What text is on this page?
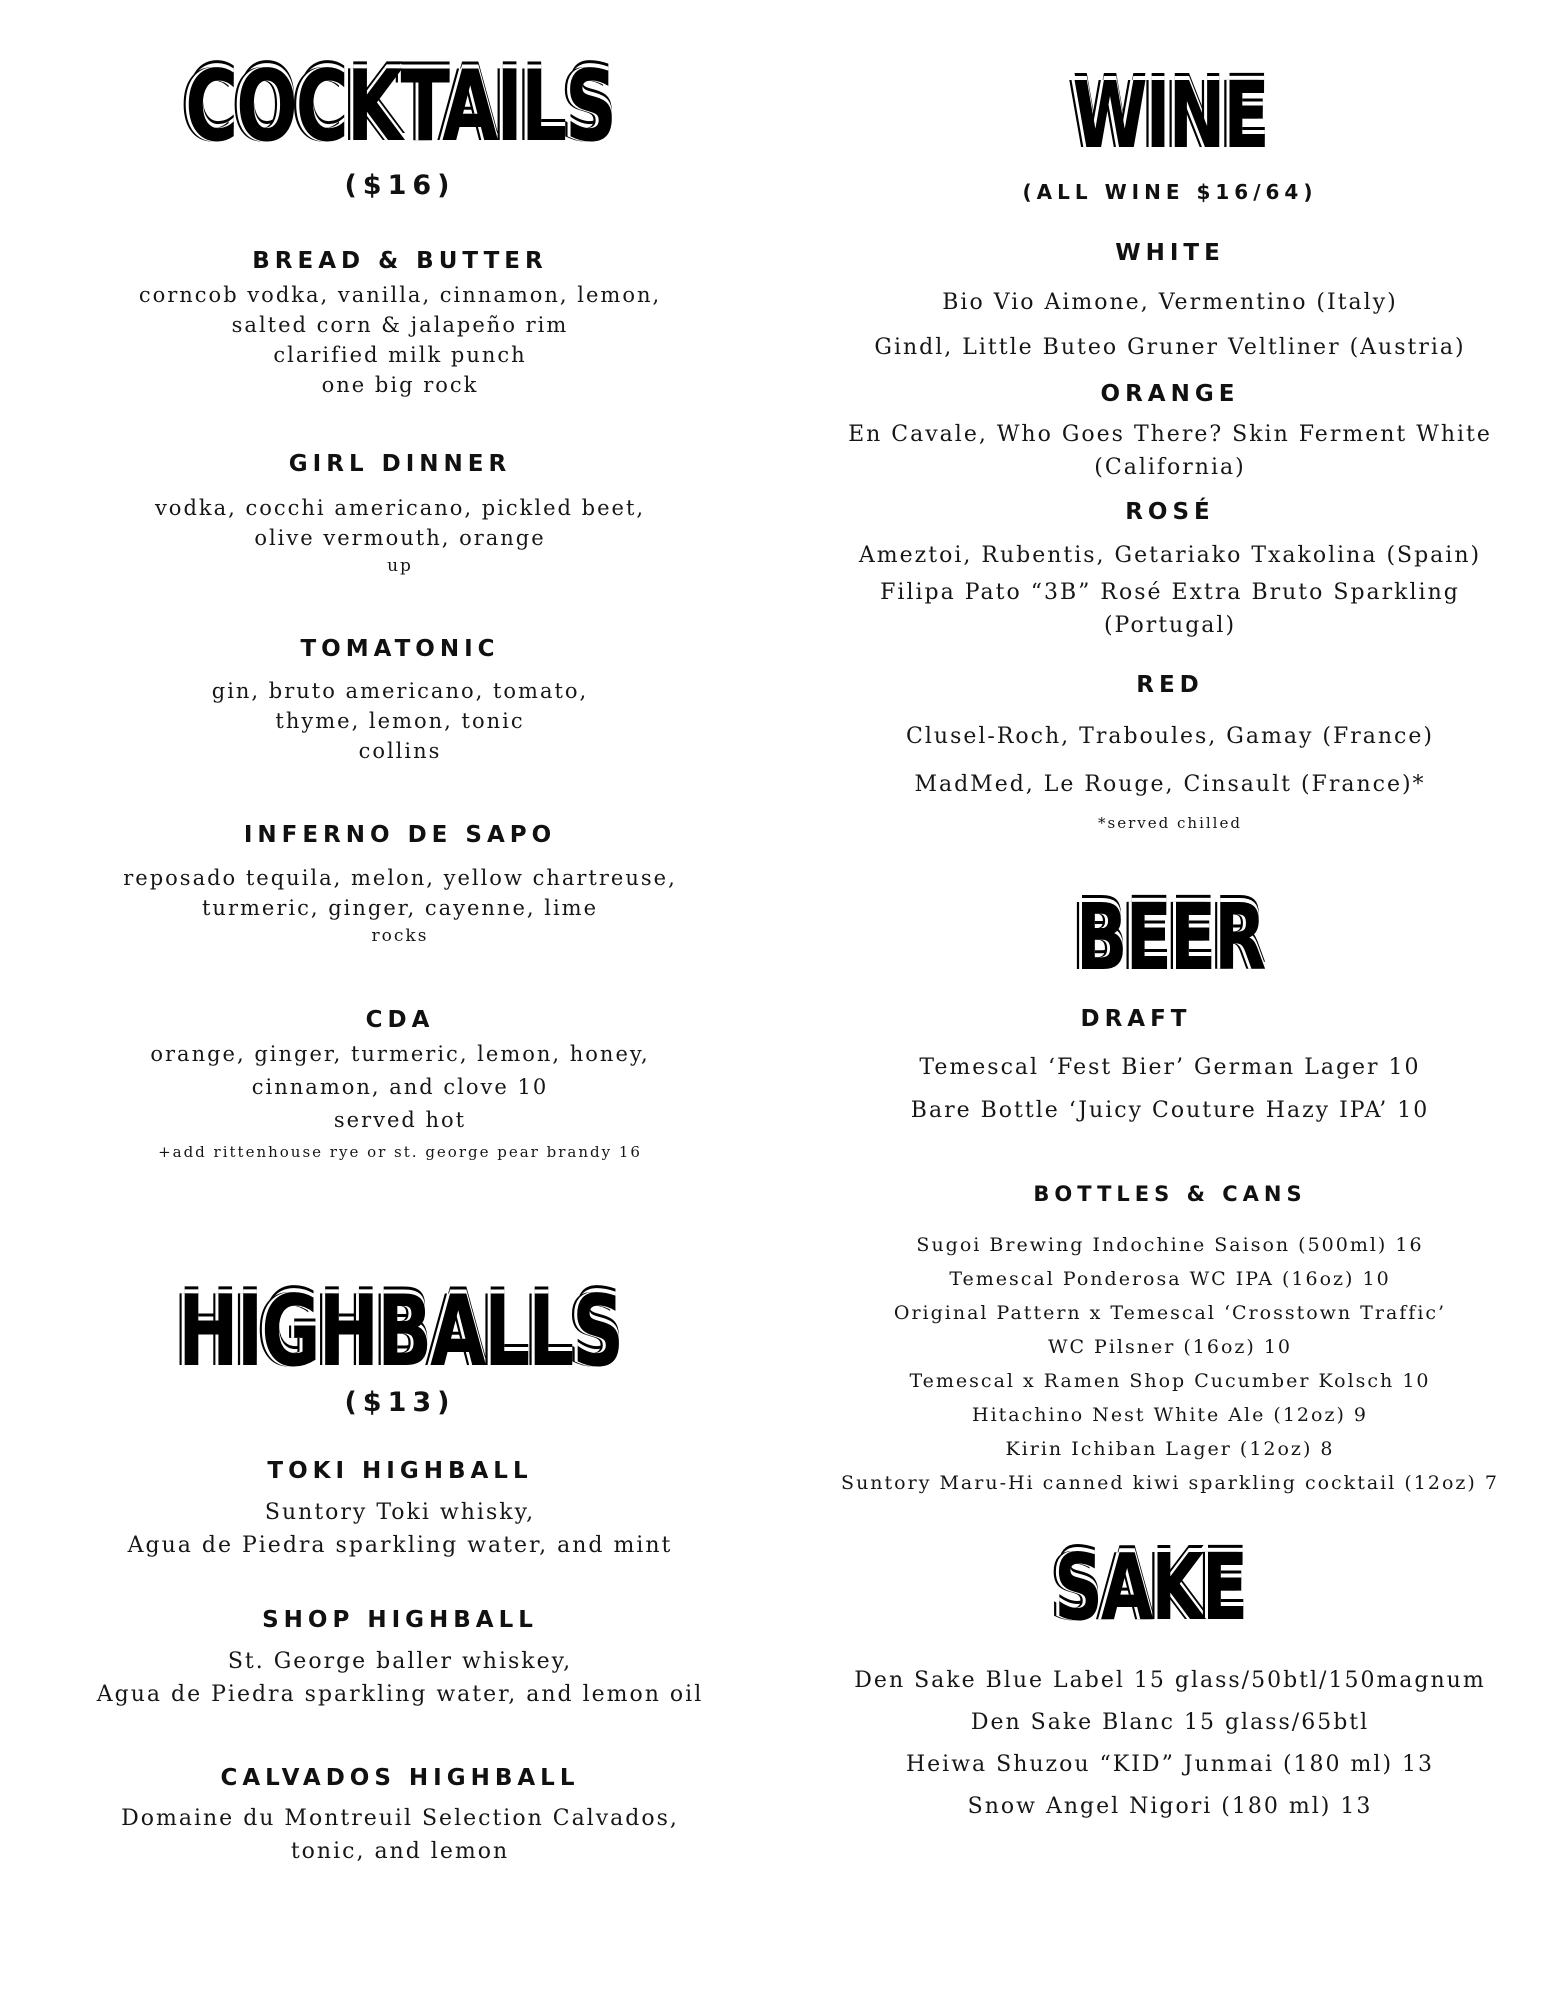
COCKTAILS
($16)
BREAD & BUTTER
corncob vodka, vanilla, cinnamon, lemon,
salted corn & jalapeño rim
clarified milk punch
one big rock
GIRL DINNER
vodka, cocchi americano, pickled beet,
olive vermouth, orange
up
TOMATONIC
gin, bruto americano, tomato,
thyme, lemon, tonic
collins
INFERNO DE SAPO
reposado tequila, melon, yellow chartreuse,
turmeric, ginger, cayenne, lime
rocks
CDA
orange, ginger, turmeric, lemon, honey,
cinnamon, and clove 10
served hot
+add rittenhouse rye or st. george pear brandy 16
HIGHBALLS
($13)
TOKI HIGHBALL
Suntory Toki whisky,
Agua de Piedra sparkling water, and mint
SHOP HIGHBALL
St. George baller whiskey,
Agua de Piedra sparkling water, and lemon oil
CALVADOS HIGHBALL
Domaine du Montreuil Selection Calvados,
tonic, and lemon
WINE
(ALL WINE $16/64)
WHITE
Bio Vio Aimone, Vermentino (Italy)
Gindl, Little Buteo Gruner Veltliner (Austria)
ORANGE
En Cavale, Who Goes There? Skin Ferment White
(California)
ROSÉ
Ameztoi, Rubentis, Getariako Txakolina (Spain)
Filipa Pato “3B” Rosé Extra Bruto Sparkling
(Portugal)
RED
Clusel-Roch, Traboules, Gamay (France)
MadMed, Le Rouge, Cinsault (France)*
*served chilled
BEER
DRAFT
Temescal ‘Fest Bier’ German Lager 10
Bare Bottle ‘Juicy Couture Hazy IPA’ 10
BOTTLES & CANS
Sugoi Brewing Indochine Saison (500ml) 16
Temescal Ponderosa WC IPA (16oz) 10
Original Pattern x Temescal ‘Crosstown Traffic’
WC Pilsner (16oz) 10
Temescal x Ramen Shop Cucumber Kolsch 10
Hitachino Nest White Ale (12oz) 9
Kirin Ichiban Lager (12oz) 8
Suntory Maru-Hi canned kiwi sparkling cocktail (12oz) 7
SAKE
Den Sake Blue Label 15 glass/50btl/150magnum
Den Sake Blanc 15 glass/65btl
Heiwa Shuzou “KID” Junmai (180 ml) 13
Snow Angel Nigori (180 ml) 13
